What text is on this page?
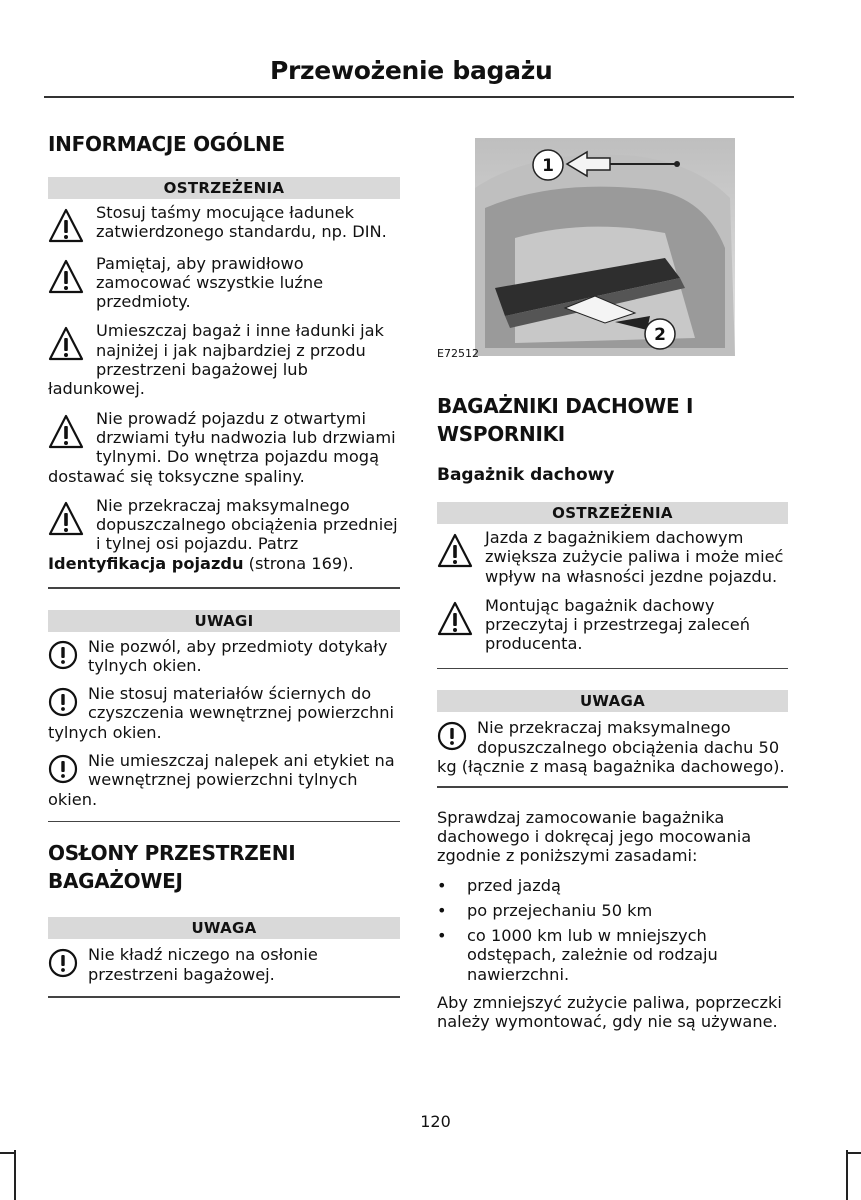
Przewożenie bagażu
INFORMACJE OGÓLNE
OSTRZEŻENIA
Stosuj taśmy mocujące ładunek zatwierdzonego standardu, np. DIN.
Pamiętaj, aby prawidłowo zamocować wszystkie luźne przedmioty.
Umieszczaj bagaż i inne ładunki jak najniżej i jak najbardziej z przodu przestrzeni bagażowej lub ładunkowej.
Nie prowadź pojazdu z otwartymi drzwiami tyłu nadwozia lub drzwiami tylnymi. Do wnętrza pojazdu mogą dostawać się toksyczne spaliny.
Nie przekraczaj maksymalnego dopuszczalnego obciążenia przedniej i tylnej osi pojazdu. Patrz Identyfikacja pojazdu (strona 169).
UWAGI
Nie pozwól, aby przedmioty dotykały tylnych okien.
Nie stosuj materiałów ściernych do czyszczenia wewnętrznej powierzchni tylnych okien.
Nie umieszczaj nalepek ani etykiet na wewnętrznej powierzchni tylnych okien.
OSŁONY PRZESTRZENI BAGAŻOWEJ
UWAGA
Nie kładź niczego na osłonie przestrzeni bagażowej.
1
2
E72512
BAGAŻNIKI DACHOWE I WSPORNIKI
Bagażnik dachowy
OSTRZEŻENIA
Jazda z bagażnikiem dachowym zwiększa zużycie paliwa i może mieć wpływ na własności jezdne pojazdu.
Montując bagażnik dachowy przeczytaj i przestrzegaj zaleceń producenta.
UWAGA
Nie przekraczaj maksymalnego dopuszczalnego obciążenia dachu 50 kg (łącznie z masą bagażnika dachowego).
Sprawdzaj zamocowanie bagażnika dachowego i dokręcaj jego mocowania zgodnie z poniższymi zasadami:
• przed jazdą
• po przejechaniu 50 km
• co 1000 km lub w mniejszych odstępach, zależnie od rodzaju nawierzchni.
Aby zmniejszyć zużycie paliwa, poprzeczki należy wymontować, gdy nie są używane.
120
